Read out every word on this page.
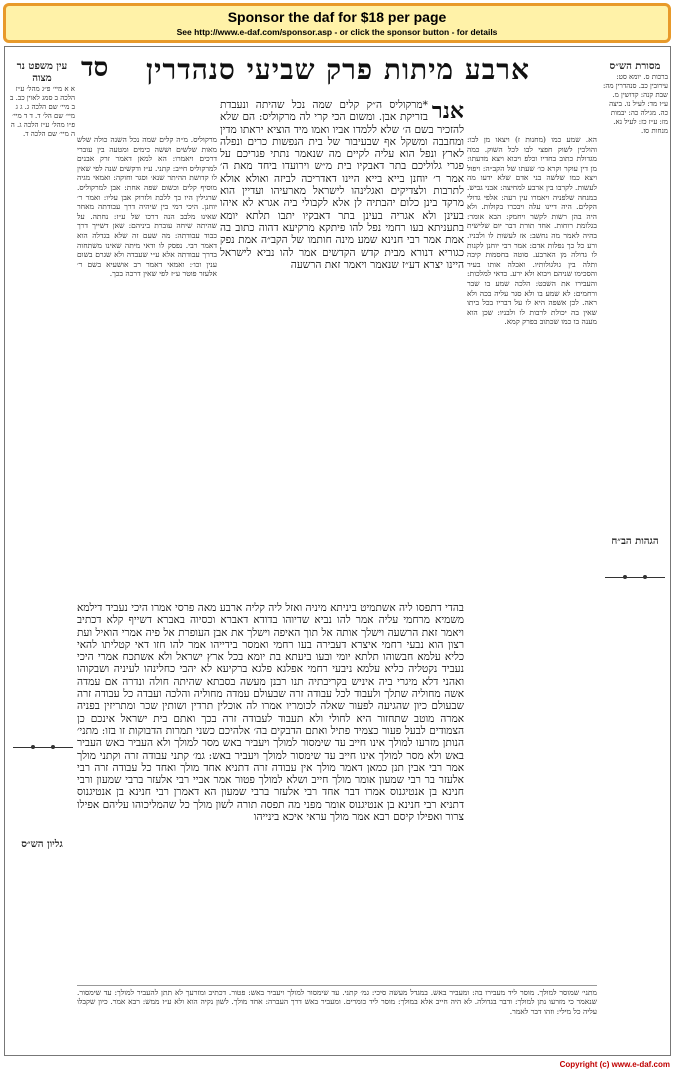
Sponsor the daf for $18 per page
See http://www.e-daf.com/sponsor.asp - or click the sponsor button - for details
סד	ארבע מיתות פרק שביעי סנהדרין	מסורת הש״ס
ברכות ס. יומא סט: עירובין כב. סנהדרין מה: שבת קנה: קדושין מ. ע״ז מד: לעיל נו. ביצה כה. מגילה כה: יבמות מז: ע״ז כז: לעיל נא. מנחות סז.
הגהות הב״ח
עין משפט נר מצוה
א א מיי׳ פ״ג מהל׳ ע״ז הלכה ב סמג לאוין כב. ב ב מיי׳ שם הלכה ג. ג ג מיי׳ שם הל׳ ד. ד ד מיי׳ פ״ו מהל׳ ע״ז הלכה ג. ה ה מיי׳ שם הלכה ד.
גליון הש״ס
הא. שמע כמו (מחנות ז) ויצאו מן לבו: והולכין לשוק חפצי לבו לכל השוק. כמה מגדולת כתוב בחדיו וכלפ ויבוא ויצא מדעתו: מן דין עוקר וקרא כו׳ שעתו של הקב״ה: ויפול ויצא כמו שלשה בני אדם שלא ידעו מה לעשות. לקרבו בין ארבע למחיצה: אבני גביש. במנחה שלפניה ויאמרו עין רעה: אלפי גדולי הקלים. היה דיינו עלה ויבכרו בקולות. ולא היה בהן רשות לקשר ויחמק: הבא אומר: בגלומת רוחות. אחד תורת דבר יום שלישית בהיה לאמר מה נחשב: אז לעשות לו ולבניו. ורע כל כך נפלות אדם: אמר רבי יוחנן לקנות לו גדולה מן הארבע. סוטה בחסמות קיבה ותלה בין גולגולותיו. ואכלה אותו בעיר והסכימו שניהם ויבוא ולא ירע. כדאי למלכות: והעבירו את השבט: הלכה שמע בו שבר ורחמים: לא שמע בו ולא סגר עליה בכה ולא ראה. לכן אשפה היא לו על דבריו בכל ביתו שאין בה יכולת לרבות לו ולבניו: שכן הוא מענה בו כמו שכתוב בפרק קמא.
מרקוליס. מ״ה קלים שמה נכל השנה כולה שלש מאות שלשים וששה כימים ומטעה בין עוברי דרכים ויאמרו: הא למאן דאמר זרק אבנים למרקוליס חייב: קתני. ע״ז ודקשים שנה לפי שאין לו קדושת ההיתר שנא׳ וסגר וחוקה: ואמאי מגיה מוסיף קלים וכשום שפה אחת: אבן למרקוליס. שרגילין היו כך ללכת ולזרוק אבן עליו: ואמר ר׳ יוחנן. היכי דמי בין שיהיה דרך עבודתה מאחר שאינו מלבב הנה דרכו של ע״ז: נחתה. על שהיתה שיחה עוברת ביניהם: שאן דשייך דרך כבוד עבודתה: מה שעם זה שלא בגדלה הוא דאמר רבי. נפסק לו ודאי מיתה שאינו משתחוה בדרך עבודתה אלא ע״י שעבדה ולא שגרם בשום ענין וכו׳: ואמאי דאמר רב אושעיא בשם ר׳ אלעזר פוטר ע״ז לפי שאין דרכה בכך.
אנר
*מרקוליס ה״ק קלים שמה נכל שהיתה ונעבדת בזריקת אבן. ומשום הכי קרי לה מרקוליס: הם שלא להזכיר בשם ה׳ שלא ללמדו אביו ואמו מיד הוציא יראתו מדין ומחבבה ומשקל אף שבעיבור של בית הנפשות כרים ונפלה לארץ ונפל הוא עליה לקיים מה שנאמר נתתי פגריכם על פגרי גלוליכם בתר דאבקיו בית מ״ש וירועדו ביחד מאת ה׳ אמר ר׳ יוחנן בייא בייא היינו דאדריכה לביזה ואולא אולא לתרבות ולצדיקים ואגלינהו לישראל מארעיהו ועדיין הוא מרקד בינן כלום יהבתיה לן אלא לקבולי ביה אגרא לא איהו בעינן ולא אגריה בעינן בתר דאבקיו יתבו תלתא יומא בתעניתא בעו רחמי נפל להו פיתקא מרקיעא דהוה כתוב בה אמת אמר רבי חנינא שמע מינה חותמו של הקב״ה אמת נפק כגוריא דנורא מבית קדש הקדשים אמר להו נביא לישראל היינו יצרא דע״ז שנאמר ויאמר זאת הרשעה
בהדי דתפסו ליה אשתמיט ביניתא מיניה ואזל ליה קליה ארבע מאה פרסי אמרו היכי נעביד דילמא משמיא מרחמי עליה אמר להו נביא שדיוהו בדודא דאברא וכסיוה באברא דשייף קלא דכתיב ויאמר זאת הרשעה וישלך אותה אל תוך האיפה וישלך את אבן העופרת אל פיה אמרי הואיל ועת רצון הוא נבעי רחמי איצרא דעבירה בעו רחמי ואמסר בידייהו אמר להו חזו דאי קטליתו להאי כליא עלמא חבשוהו תלתא יומי ובעו ביעתא בת יומא בכל ארץ ישראל ולא אשתכח אמרי היכי נעביד נקטליה כליא עלמא ניבעי רחמי אפלגא פלגא ברקיעא לא יהבי כחלינהו לעיניה ושבקוהו ואהני דלא מיגרי ביה איניש בקריבתיה תנו רבנן מעשה בסבתא שהיתה חולה ונדרה אם עמדה אשה מחוליה שתלך ולעבוד לכל עבודה זרה שבעולם עמדה מחוליה והלכה ועבדה כל עבודה זרה שבעולם כיון שהגיעה לפעור שאלה לכומריו אמרו לה אוכלין תרדין ושותין שכר ומתריזין בפניה אמרה מוטב שתחזור היא לחולי ולא תעבוד לעבודה זרה בכך ואתם בית ישראל אינכם כן הצמודים לבעל פעור כצמיד פתיל ואתם הדבקים בה׳ אלהיכם כשני תמרות הדבוקות זו בזו: מתני׳ הנותן מזרעו למולך אינו חייב עד שימסור למולך ויעביר באש מסר למולך ולא העביר באש העביר באש ולא מסר למולך אינו חייב עד שימסור למולך ויעביר באש: גמ׳ קתני עבודה זרה וקתני מולך אמר רבי אבין תנן כמאן דאמר מולך אין עבודה זרה דתניא אחד מולך ואחד כל עבודה זרה רבי אלעזר בר רבי שמעון אומר מולך חייב ושלא למולך פטור אמר אביי רבי אלעזר ברבי שמעון ורבי חנינא בן אנטיגנוס אמרו דבר אחד רבי אלעזר ברבי שמעון הא דאמרן רבי חנינא בן אנטיגנוס דתניא רבי חנינא בן אנטיגנוס אומר מפני מה תפסה תורה לשון מולך כל שהמליכוהו עליהם אפילו צרור ואפילו קיסם רבא אמר מולך עראי איכא בינייהו
מתני׳ שמוסר למולך. מוסר ליד מעבירו בה: ומעביר באש. במגדל מעשה סיכי: גמ׳ קתני. עד שימסור למולך ויעביר באש: פטור. דכתיב ומזרעך לא תתן להעביר למולך: עד שימסור. שנאמר כי מזרעו נתן למולך: ודבר בגדולה. לא היה חייב אלא במולך: מוסר ליד כומרים. ומעביר באש דרך העברה: אחד מולך. לשון נקיה הוא ולא ע״ז ממש: רבא אמר. כיון שקבלו עליה כל מילי: וזהו דבר לאמר.
Copyright (c) www.e-daf.com
